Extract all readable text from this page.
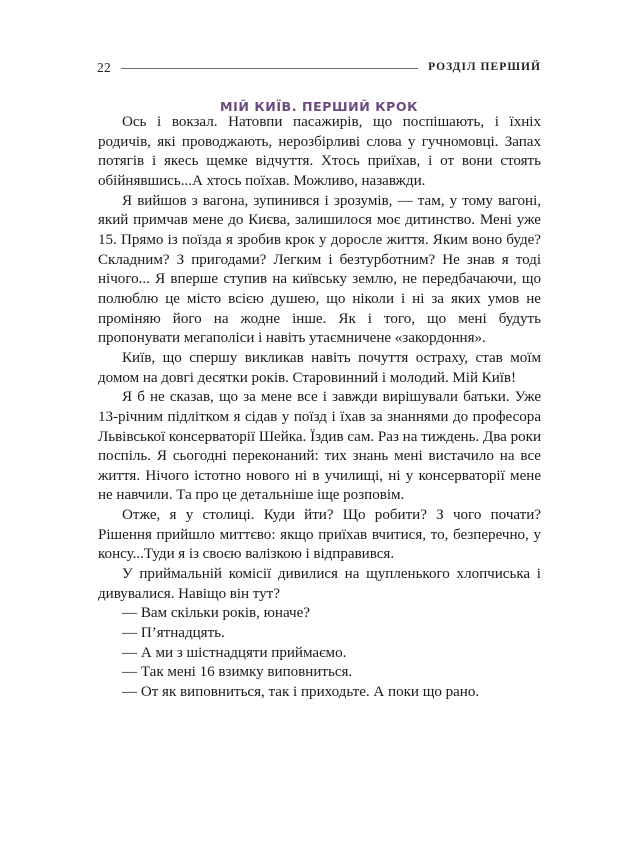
22	РОЗДІЛ ПЕРШИЙ
МІЙ КИЇВ. ПЕРШИЙ КРОК

Ось і вокзал. Натовпи пасажирів, що поспішають, і їхніх родичів, які проводжають, нерозбірливі слова у гучномовці. Запах потягів і якесь щемке відчуття. Хтось приїхав, і от вони стоять обійнявшись...А хтось поїхав. Можливо, назавжди.

Я вийшов з вагона, зупинився і зрозумів, — там, у тому вагоні, який примчав мене до Києва, залишилося моє дитинство. Мені уже 15. Прямо із поїзда я зробив крок у доросле життя. Яким воно буде? Складним? З пригодами? Легким і безтурботним? Не знав я тоді нічого... Я вперше ступив на київську землю, не передбачаючи, що полюблю це місто всією душею, що ніколи і ні за яких умов не проміняю його на жодне інше. Як і того, що мені будуть пропонувати мегаполіси і навіть утаємничене «закордоння».

Київ, що спершу викликав навіть почуття остраху, став моїм домом на довгі десятки років. Старовинний і молодий. Мій Київ!

Я б не сказав, що за мене все і завжди вирішували батьки. Уже 13-річним підлітком я сідав у поїзд і їхав за знаннями до професора Львівської консерваторії Шейка. Їздив сам. Раз на тиждень. Два роки поспіль. Я сьогодні переконаний: тих знань мені вистачило на все життя. Нічого істотно нового ні в училищі, ні у консерваторії мене не навчили. Та про це детальніше іще розповім.

Отже, я у столиці. Куди йти? Що робити? З чого почати? Рішення прийшло миттєво: якщо приїхав вчитися, то, безперечно, у консу...Туди я із своєю валізкою і відправився.

У приймальній комісії дивилися на щупленького хлопчиська і дивувалися. Навіщо він тут?

— Вам скільки років, юначе?

— П’ятнадцять.

— А ми з шістнадцяти приймаємо.

— Так мені 16 взимку виповниться.

— От як виповниться, так і приходьте. А поки що рано.
